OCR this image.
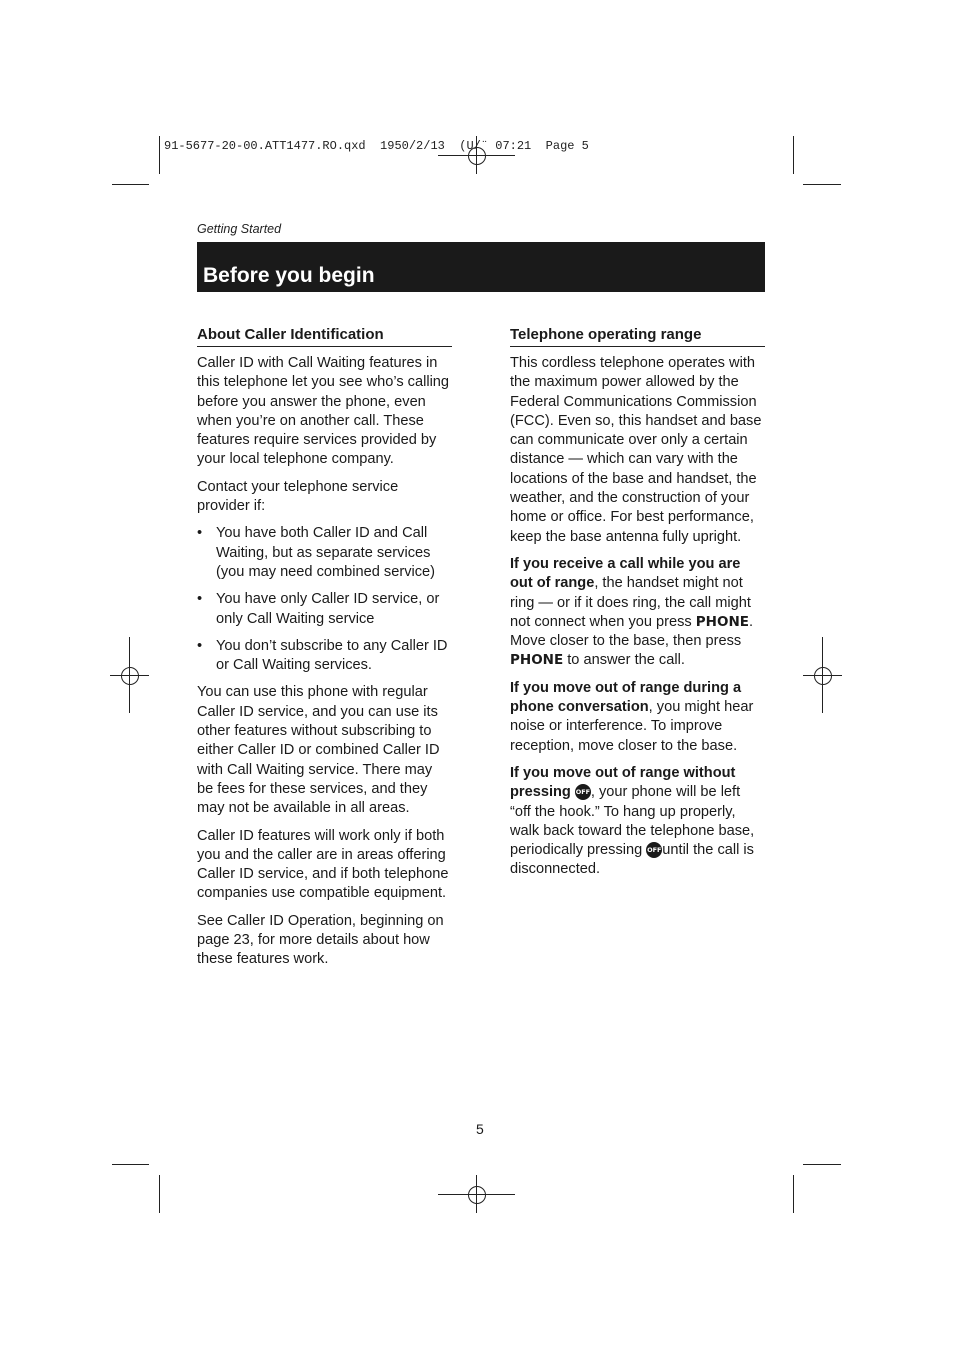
91-5677-20-00.ATT1477.RO.qxd  1950/2/13  (U/¨ 07:21  Page 5
Getting Started
Before you begin
About Caller Identification

Caller ID with Call Waiting features in this telephone let you see who’s calling before you answer the phone, even when you’re on another call. These features require services provided by your local telephone company.

Contact your telephone service provider if:

• You have both Caller ID and Call Waiting, but as separate services (you may need combined service)
• You have only Caller ID service, or only Call Waiting service
• You don’t subscribe to any Caller ID or Call Waiting services.

You can use this phone with regular Caller ID service, and you can use its other features without subscribing to either Caller ID or combined Caller ID with Call Waiting service. There may be fees for these services, and they may not be available in all areas.

Caller ID features will work only if both you and the caller are in areas offering Caller ID service, and if both telephone companies use compatible equipment.

See Caller ID Operation, beginning on page 23, for more details about how these features work.

Telephone operating range

This cordless telephone operates with the maximum power allowed by the Federal Communications Commission (FCC). Even so, this handset and base can communicate over only a certain distance — which can vary with the locations of the base and handset, the weather, and the construction of your home or office. For best performance, keep the base antenna fully upright.

If you receive a call while you are out of range, the handset might not ring — or if it does ring, the call might not connect when you press PHONE. Move closer to the base, then press PHONE to answer the call.

If you move out of range during a phone conversation, you might hear noise or interference. To improve reception, move closer to the base.

If you move out of range without pressing OFF, your phone will be left “off the hook.” To hang up properly, walk back toward the telephone base, periodically pressing OFFuntil the call is disconnected.

5
